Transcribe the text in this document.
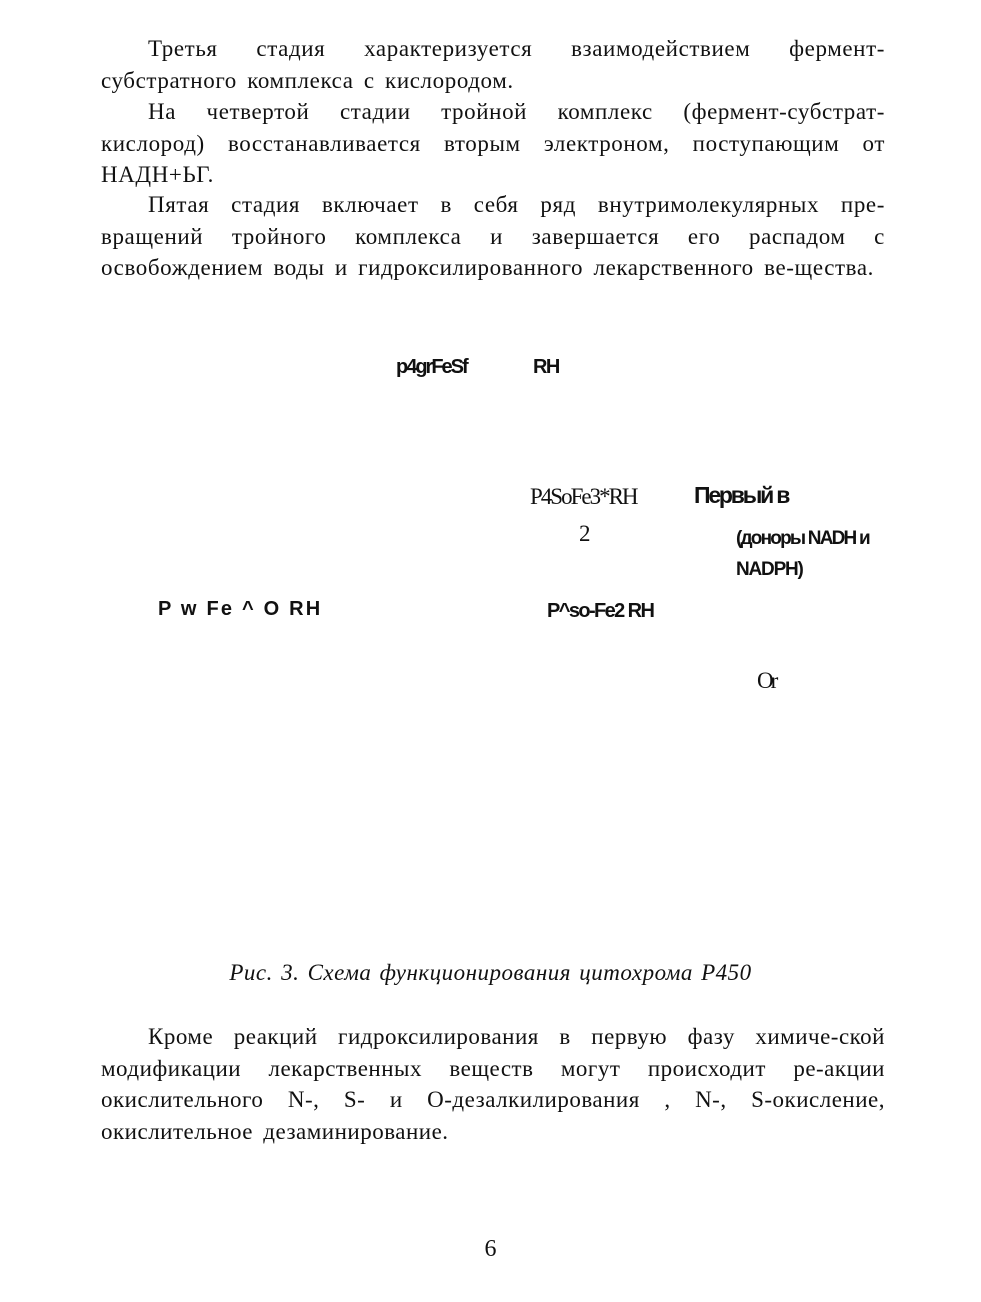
Третья стадия характеризуется взаимодействием фермент-субстратного комплекса с кислородом.

На четвертой стадии тройной комплекс (фермент-субстрат-кислород) восстанавливается вторым электроном, поступающим от НАДН+ЬГ.

Пятая стадия включает в себя ряд внутримолекулярных пре-вращений тройного комплекса и завершается его распадом с освобождением воды и гидроксилированного лекарственного ве-щества.

p4grFeSf	RH
P4SoFe3*RH
2
Первый в
(доноры NADH и
NADPH)
P w Fe ^ O RH	P^so-Fe2 RH
Or
Рис. 3. Схема функционирования цитохрома Р450

Кроме реакций гидроксилирования в первую фазу химиче-ской модификации лекарственных веществ могут происходит ре-акции окислительного N-, S- и О-дезалкилирования , N-, S-окисление, окислительное дезаминирование.

6
